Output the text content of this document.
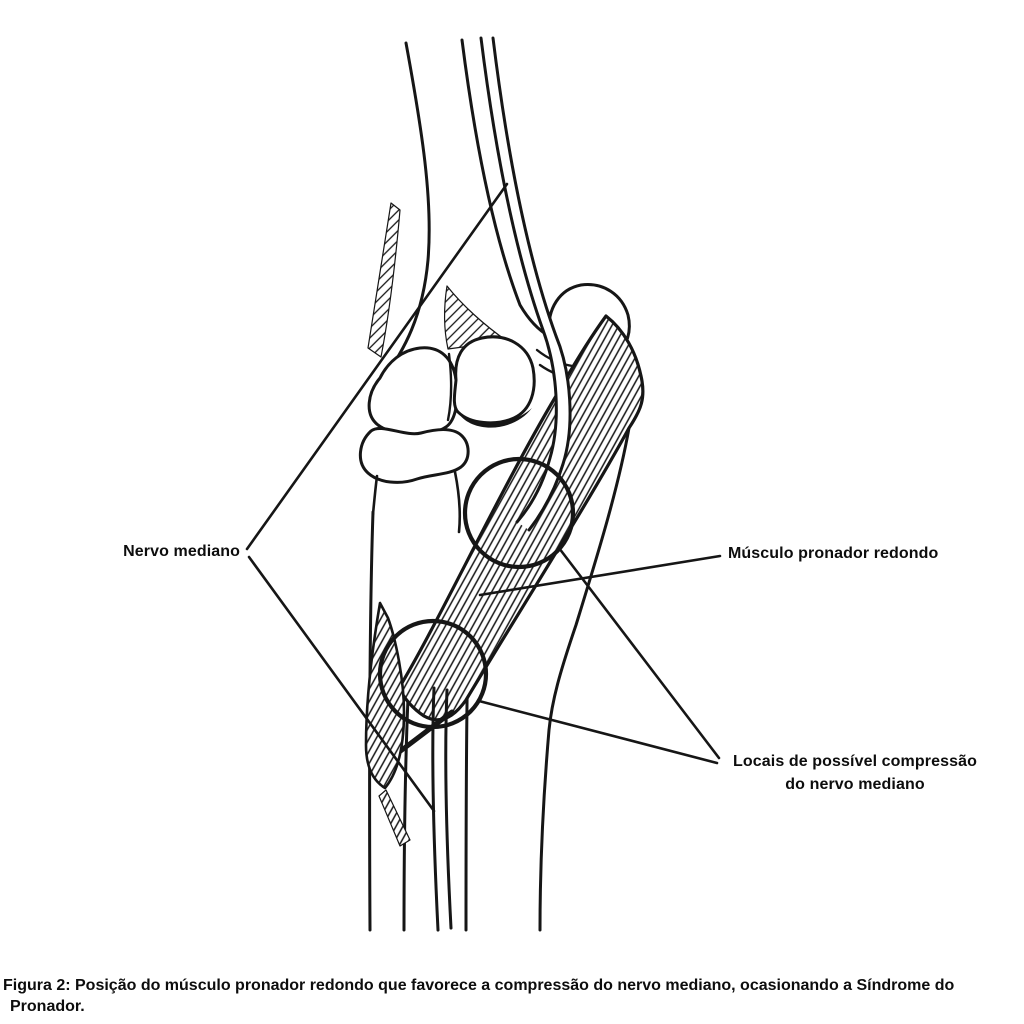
Nervo mediano	Músculo pronador redondo
Locais de possível compressão
do nervo mediano
Figura 2: Posição do músculo pronador redondo que favorece a compressão do nervo mediano, ocasionando a Síndrome do
Pronador.
